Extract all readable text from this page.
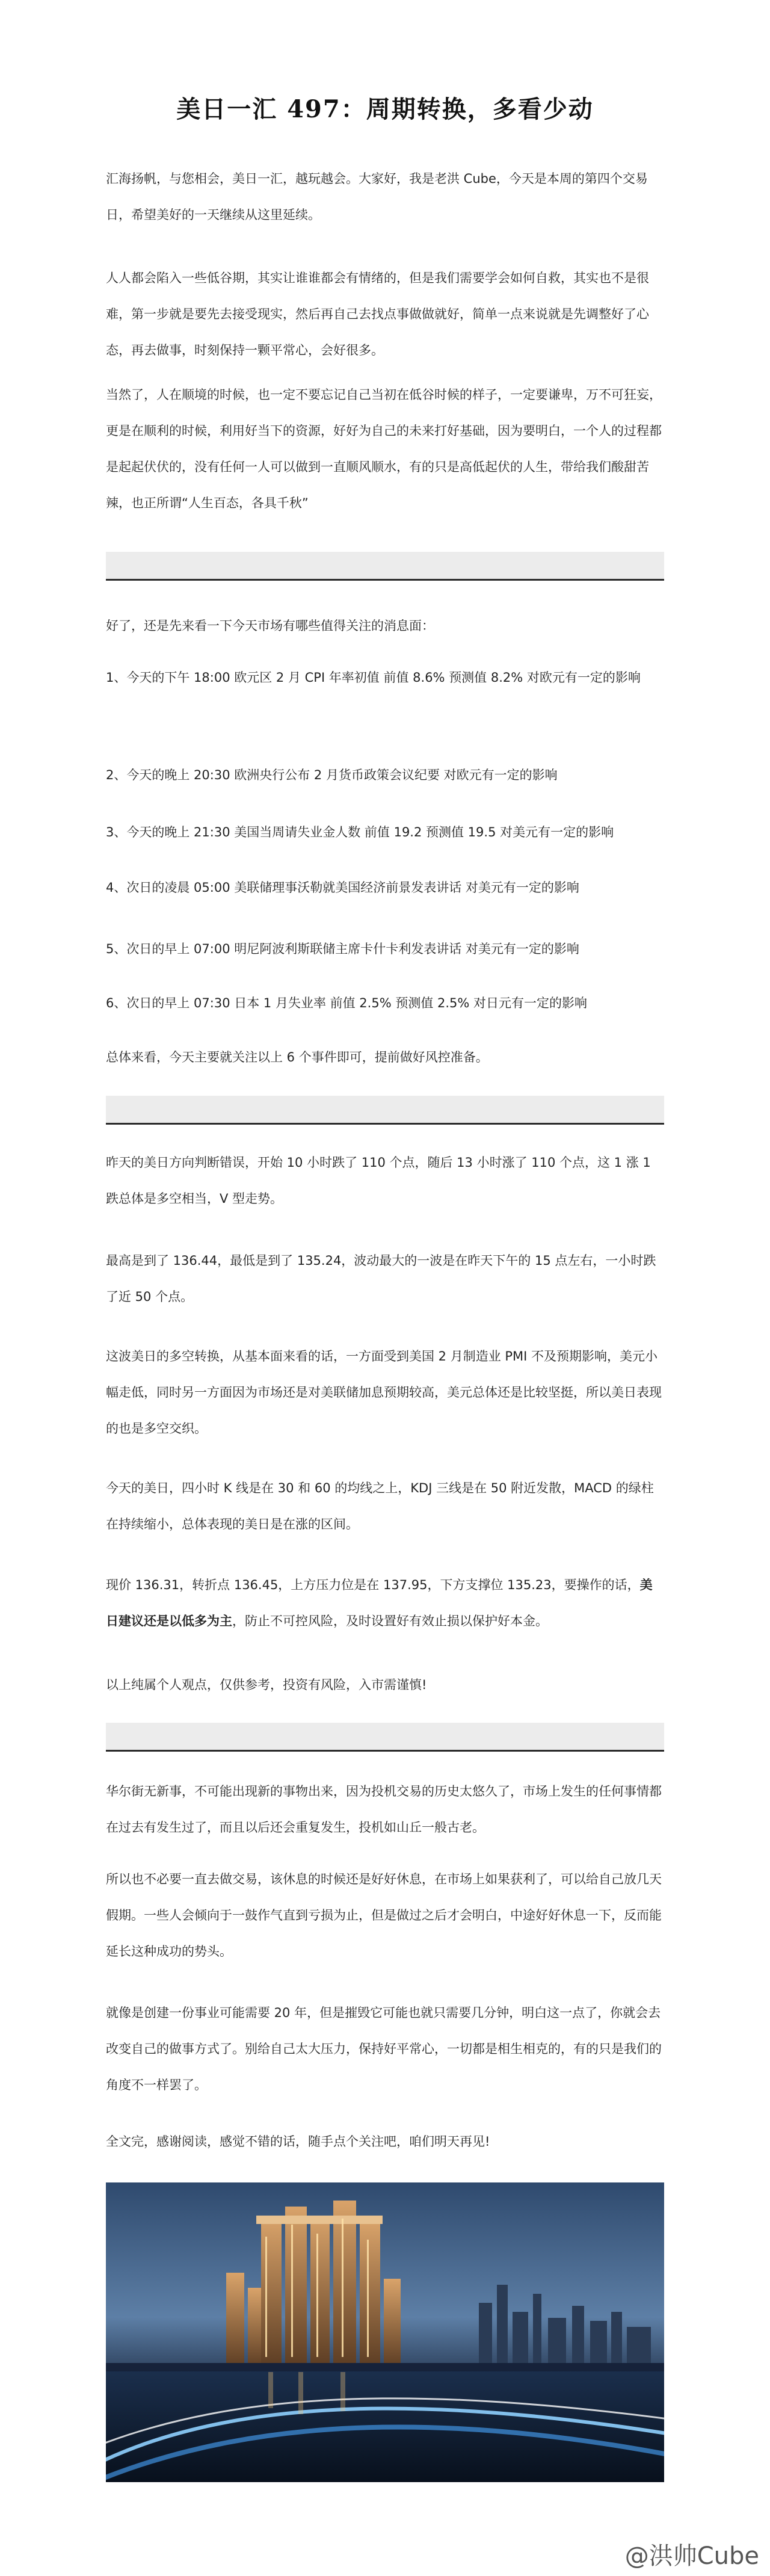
美日一汇 497：周期转换，多看少动

汇海扬帆，与您相会，美日一汇，越玩越会。大家好，我是老洪 Cube，今天是本周的第四个交易日，希望美好的一天继续从这里延续。

人人都会陷入一些低谷期，其实让谁谁都会有情绪的，但是我们需要学会如何自救，其实也不是很难，第一步就是要先去接受现实，然后再自己去找点事做做就好，简单一点来说就是先调整好了心态，再去做事，时刻保持一颗平常心，会好很多。

当然了，人在顺境的时候，也一定不要忘记自己当初在低谷时候的样子，一定要谦卑，万不可狂妄，更是在顺利的时候，利用好当下的资源，好好为自己的未来打好基础，因为要明白，一个人的过程都是起起伏伏的，没有任何一人可以做到一直顺风顺水，有的只是高低起伏的人生，带给我们酸甜苦辣，也正所谓“人生百态，各具千秋”

好了，还是先来看一下今天市场有哪些值得关注的消息面：

1、今天的下午 18:00 欧元区 2 月 CPI 年率初值 前值 8.6% 预测值 8.2% 对欧元有一定的影响

2、今天的晚上 20:30 欧洲央行公布 2 月货币政策会议纪要 对欧元有一定的影响

3、今天的晚上 21:30 美国当周请失业金人数 前值 19.2 预测值 19.5 对美元有一定的影响

4、次日的凌晨 05:00 美联储理事沃勒就美国经济前景发表讲话 对美元有一定的影响

5、次日的早上 07:00 明尼阿波利斯联储主席卡什卡利发表讲话 对美元有一定的影响

6、次日的早上 07:30 日本 1 月失业率 前值 2.5% 预测值 2.5% 对日元有一定的影响

总体来看，今天主要就关注以上 6 个事件即可，提前做好风控准备。

昨天的美日方向判断错误，开始 10 小时跌了 110 个点，随后 13 小时涨了 110 个点，这 1 涨 1 跌总体是多空相当，V 型走势。

最高是到了 136.44，最低是到了 135.24，波动最大的一波是在昨天下午的 15 点左右，一小时跌了近 50 个点。

这波美日的多空转换，从基本面来看的话，一方面受到美国 2 月制造业 PMI 不及预期影响，美元小幅走低，同时另一方面因为市场还是对美联储加息预期较高，美元总体还是比较坚挺，所以美日表现的也是多空交织。

今天的美日，四小时 K 线是在 30 和 60 的均线之上，KDJ 三线是在 50 附近发散，MACD 的绿柱在持续缩小，总体表现的美日是在涨的区间。

现价 136.31，转折点 136.45，上方压力位是在 137.95，下方支撑位 135.23，要操作的话，美日建议还是以低多为主，防止不可控风险，及时设置好有效止损以保护好本金。

以上纯属个人观点，仅供参考，投资有风险，入市需谨慎!

华尔街无新事，不可能出现新的事物出来，因为投机交易的历史太悠久了，市场上发生的任何事情都在过去有发生过了，而且以后还会重复发生，投机如山丘一般古老。

所以也不必要一直去做交易，该休息的时候还是好好休息，在市场上如果获利了，可以给自己放几天假期。一些人会倾向于一鼓作气直到亏损为止，但是做过之后才会明白，中途好好休息一下，反而能延长这种成功的势头。

就像是创建一份事业可能需要 20 年，但是摧毁它可能也就只需要几分钟，明白这一点了，你就会去改变自己的做事方式了。别给自己太大压力，保持好平常心，一切都是相生相克的，有的只是我们的角度不一样罢了。

全文完，感谢阅读，感觉不错的话，随手点个关注吧，咱们明天再见!

@洪帅Cube
